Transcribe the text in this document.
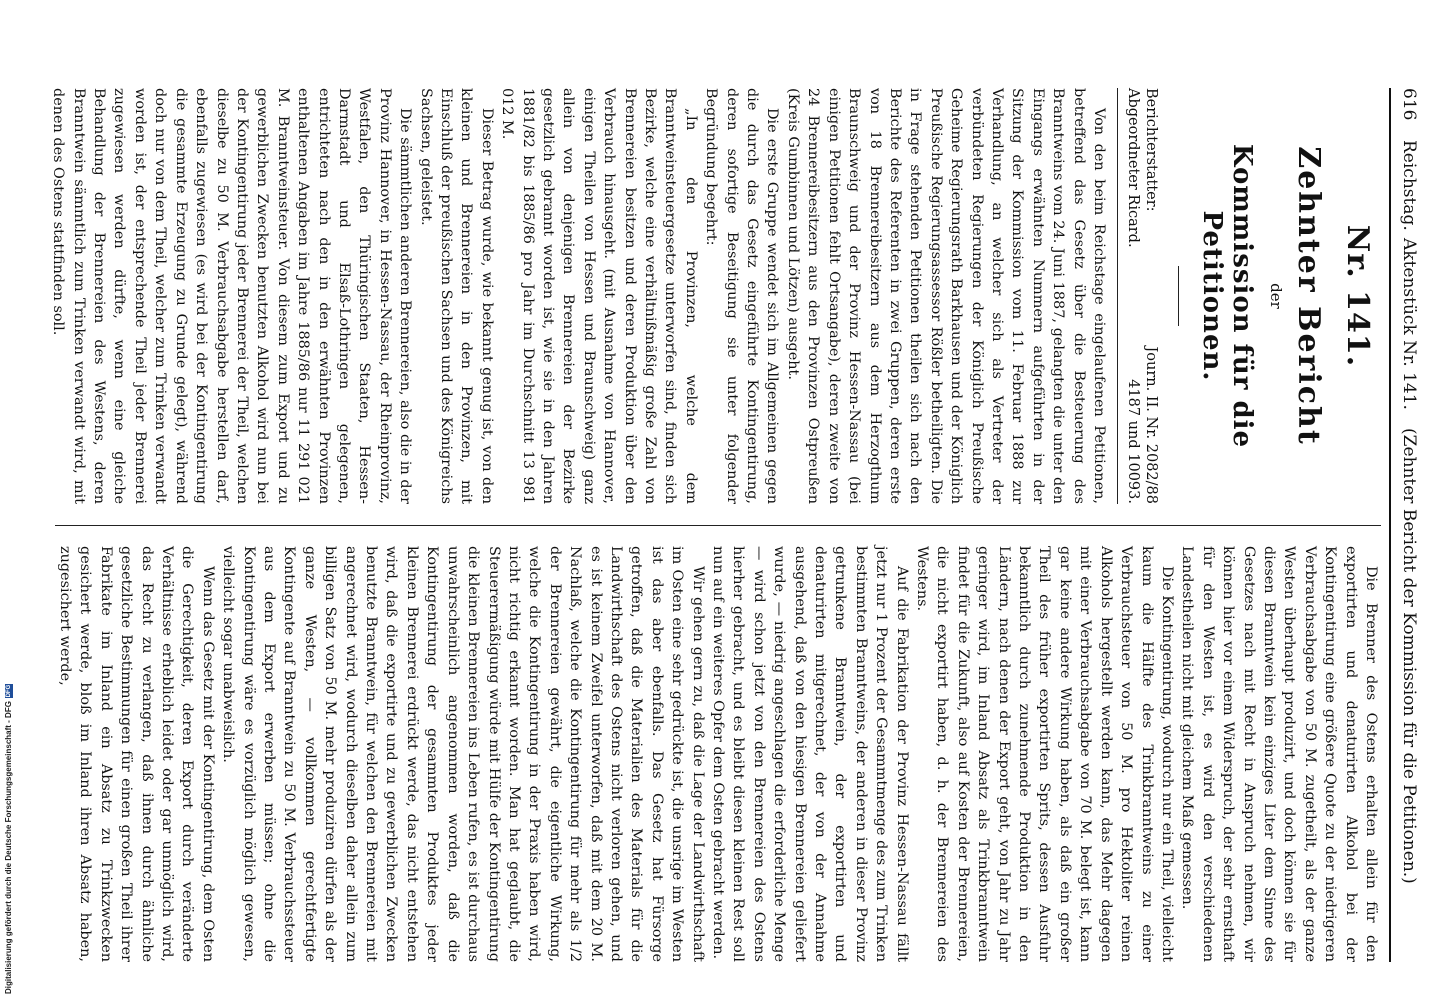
616
Reichstag.
Aktenstück Nr. 141.
(Zehnter Bericht der Kommission für die Petitionen.)
Nr. 141.
Zehnter Bericht
der
Kommission für die Petitionen.
Berichterstatter:
Abgeordneter Ricard.
Journ. II. Nr. 2082/88
4187 und 10093.

Von den beim Reichstage eingelaufenen Petitionen, betreffend das Gesetz über die Besteuerung des Branntweins vom 24. Juni 1887, gelangten die unter den Eingangs erwähnten Nummern aufgeführten in der Sitzung der Kommission vom 11. Februar 1888 zur Verhandlung, an welcher sich als Vertreter der verbündeten Regierungen der Königlich Preußische Geheime Regierungsrath Barkhausen und der Königlich Preußische Regierungsassessor Rößler betheiligten. Die in Frage stehenden Petitionen theilen sich nach den Berichte des Referenten in zwei Gruppen, deren erste von 18 Brennereibesitzern aus dem Herzogthum Braunschweig und der Provinz Hessen-Nassau (bei einigen Petitionen fehlt Ortsangabe), deren zweite von 24 Brennereibesitzern aus den Provinzen Ostpreußen (Kreis Gumbinnen und Lötzen) ausgeht.

Die erste Gruppe wendet sich im Allgemeinen gegen die durch das Gesetz eingeführte Kontingentirung, deren sofortige Beseitigung sie unter folgender Begründung begehrt:

„In den Provinzen, welche dem Branntweinsteuergesetze unterworfen sind, finden sich Bezirke, welche eine verhältnißmäßig große Zahl von Brennereien besitzen und deren Produktion über den Verbrauch hinausgeht. (mit Ausnahme von Hannover, einigen Theilen von Hessen und Braunschweig) ganz allein von denjenigen Brennereien der Bezirke gesetzlich gebrannt worden ist, wie sie in den Jahren 1881/82 bis 1885/86 pro Jahr im Durchschnitt 13 981 012 M.

Dieser Betrag wurde, wie bekannt genug ist, von den kleinen und Brennereien in den Provinzen, mit Einschluß der preußischen Sachsen und des Königreichs Sachsen, geleistet.

Die sämmtlichen anderen Brennereien, also die in der Provinz Hannover, in Hessen-Nassau, der Rheinprovinz, Westfalen, den Thüringischen Staaten, Hessen-Darmstadt und Elsaß-Lothringen gelegenen, entrichteten nach den in den erwähnten Provinzen enthaltenen Angaben im Jahre 1885/86 nur 11 291 021 M. Branntweinsteuer. Von diesem zum Export und zu gewerblichen Zwecken benutzten Alkohol wird nun bei der Kontingentirung jeder Brennerei der Theil, welchen dieselbe zu 50 M. Verbrauchsabgabe herstellen darf, ebenfalls zugewiesen (es wird bei der Kontingentirung die gesammte Erzeugung zu Grunde gelegt), während doch nur von dem Theil, welcher zum Trinken verwandt worden ist, der entsprechende Theil jeder Brennerei zugewiesen werden dürfte, wenn eine gleiche Behandlung der Brennereien des Westens, deren Branntwein sämmtlich zum Trinken verwandt wird, mit denen des Ostens stattfinden soll.

Die Brenner des Ostens erhalten allein für den exportirten und denaturirten Alkohol bei der Kontingentirung eine größere Quote zu der niedrigeren Verbrauchsabgabe von 50 M. zugetheilt, als der ganze Westen überhaupt produzirt, und doch können sie für diesen Branntwein kein einziges Liter dem Sinne des Gesetzes nach mit Recht in Anspruch nehmen, wir können hier vor einem Widerspruch, der sehr ernsthaft für den Westen ist, es wird den verschiedenen Landestheilen nicht mit gleichem Maß gemessen.

Die Kontingentirung, wodurch nur ein Theil, vielleicht kaum die Hälfte des Trinkbranntweins zu einer Verbrauchsteuer von 50 M. pro Hektoliter reinen Alkohols hergestellt werden kann, das Mehr dagegen mit einer Verbrauchsabgabe von 70 M. belegt ist, kann gar keine andere Wirkung haben, als daß ein großer Theil des früher exportirten Sprits, dessen Ausfuhr bekanntlich durch zunehmende Produktion in den Ländern, nach denen der Export geht, von Jahr zu Jahr geringer wird, im Inland Absatz als Trinkbranntwein findet für die Zukunft, also auf Kosten der Brennereien, die nicht exportirt haben, d. h. der Brennereien des Westens.

Auf die Fabrikation der Provinz Hessen-Nassau fällt jetzt nur 1 Prozent der Gesammtmenge des zum Trinken bestimmten Branntweins, der anderen in dieser Provinz getrunkene Branntwein, der exportirten und denaturirten mitgerechnet, der von der Annahme ausgehend, daß von den hiesigen Brennereien geliefert wurde, — niedrig angeschlagen die erforderliche Menge — wird schon jetzt von den Brennereien des Ostens hierher gebracht, und es bleibt diesen kleinen Rest soll nun auf ein weiteres Opfer dem Osten gebracht werden.

Wir gehen gern zu, daß die Lage der Landwirthschaft im Osten eine sehr gedrückte ist, die unsrige im Westen ist das aber ebenfalls. Das Gesetz hat Fürsorge getroffen, daß die Materialien des Materials für die Landwirthschaft des Ostens nicht verloren gehen, und es ist keinem Zweifel unterworfen, daß mit dem 20 M. Nachlaß, welche die Kontingentirung für mehr als 1/2 der Brennereien gewährt, die eigentliche Wirkung, welche die Kontingentirung in der Praxis haben wird, nicht richtig erkannt worden. Man hat geglaubt, die Steuerermäßigung würde mit Hülfe der Kontingentirung die kleinen Brennereien ins Leben rufen, es ist durchaus unwahrscheinlich angenommen worden, daß die Kontingentirung der gesammten Produktes jeder kleinen Brennerei erdrückt werde, das nicht entstehen wird, daß die exportirte und zu gewerblichen Zwecken benutzte Branntwein, für welchen den Brennereien mit angerechnet wird, wodurch dieselben daher allein zum billigen Satz von 50 M. mehr produziren dürfen als der ganze Westen, — vollkommen gerechtfertigte Kontingente auf Branntwein zu 50 M. Verbrauchssteuer aus dem Export erwerben müssen; ohne die Kontingentirung wäre es vorzüglich möglich gewesen, vielleicht sogar unabweislich.

Wenn das Gesetz mit der Kontingentirung, dem Osten die Gerechtigkeit, deren Export durch veränderte Verhältnisse erheblich leidet oder gar unmöglich wird, das Recht zu verlangen, daß ihnen durch ähnliche gesetzliche Bestimmungen für einen großen Theil ihrer Fabrikate im Inland ein Absatz zu Trinkzwecken gesichert werde, bloß im Inland ihren Absatz haben, zugesichert werde,

Digitalisierung gefördert durch die Deutsche Forschungsgemeinschaft - DFG
DFG
